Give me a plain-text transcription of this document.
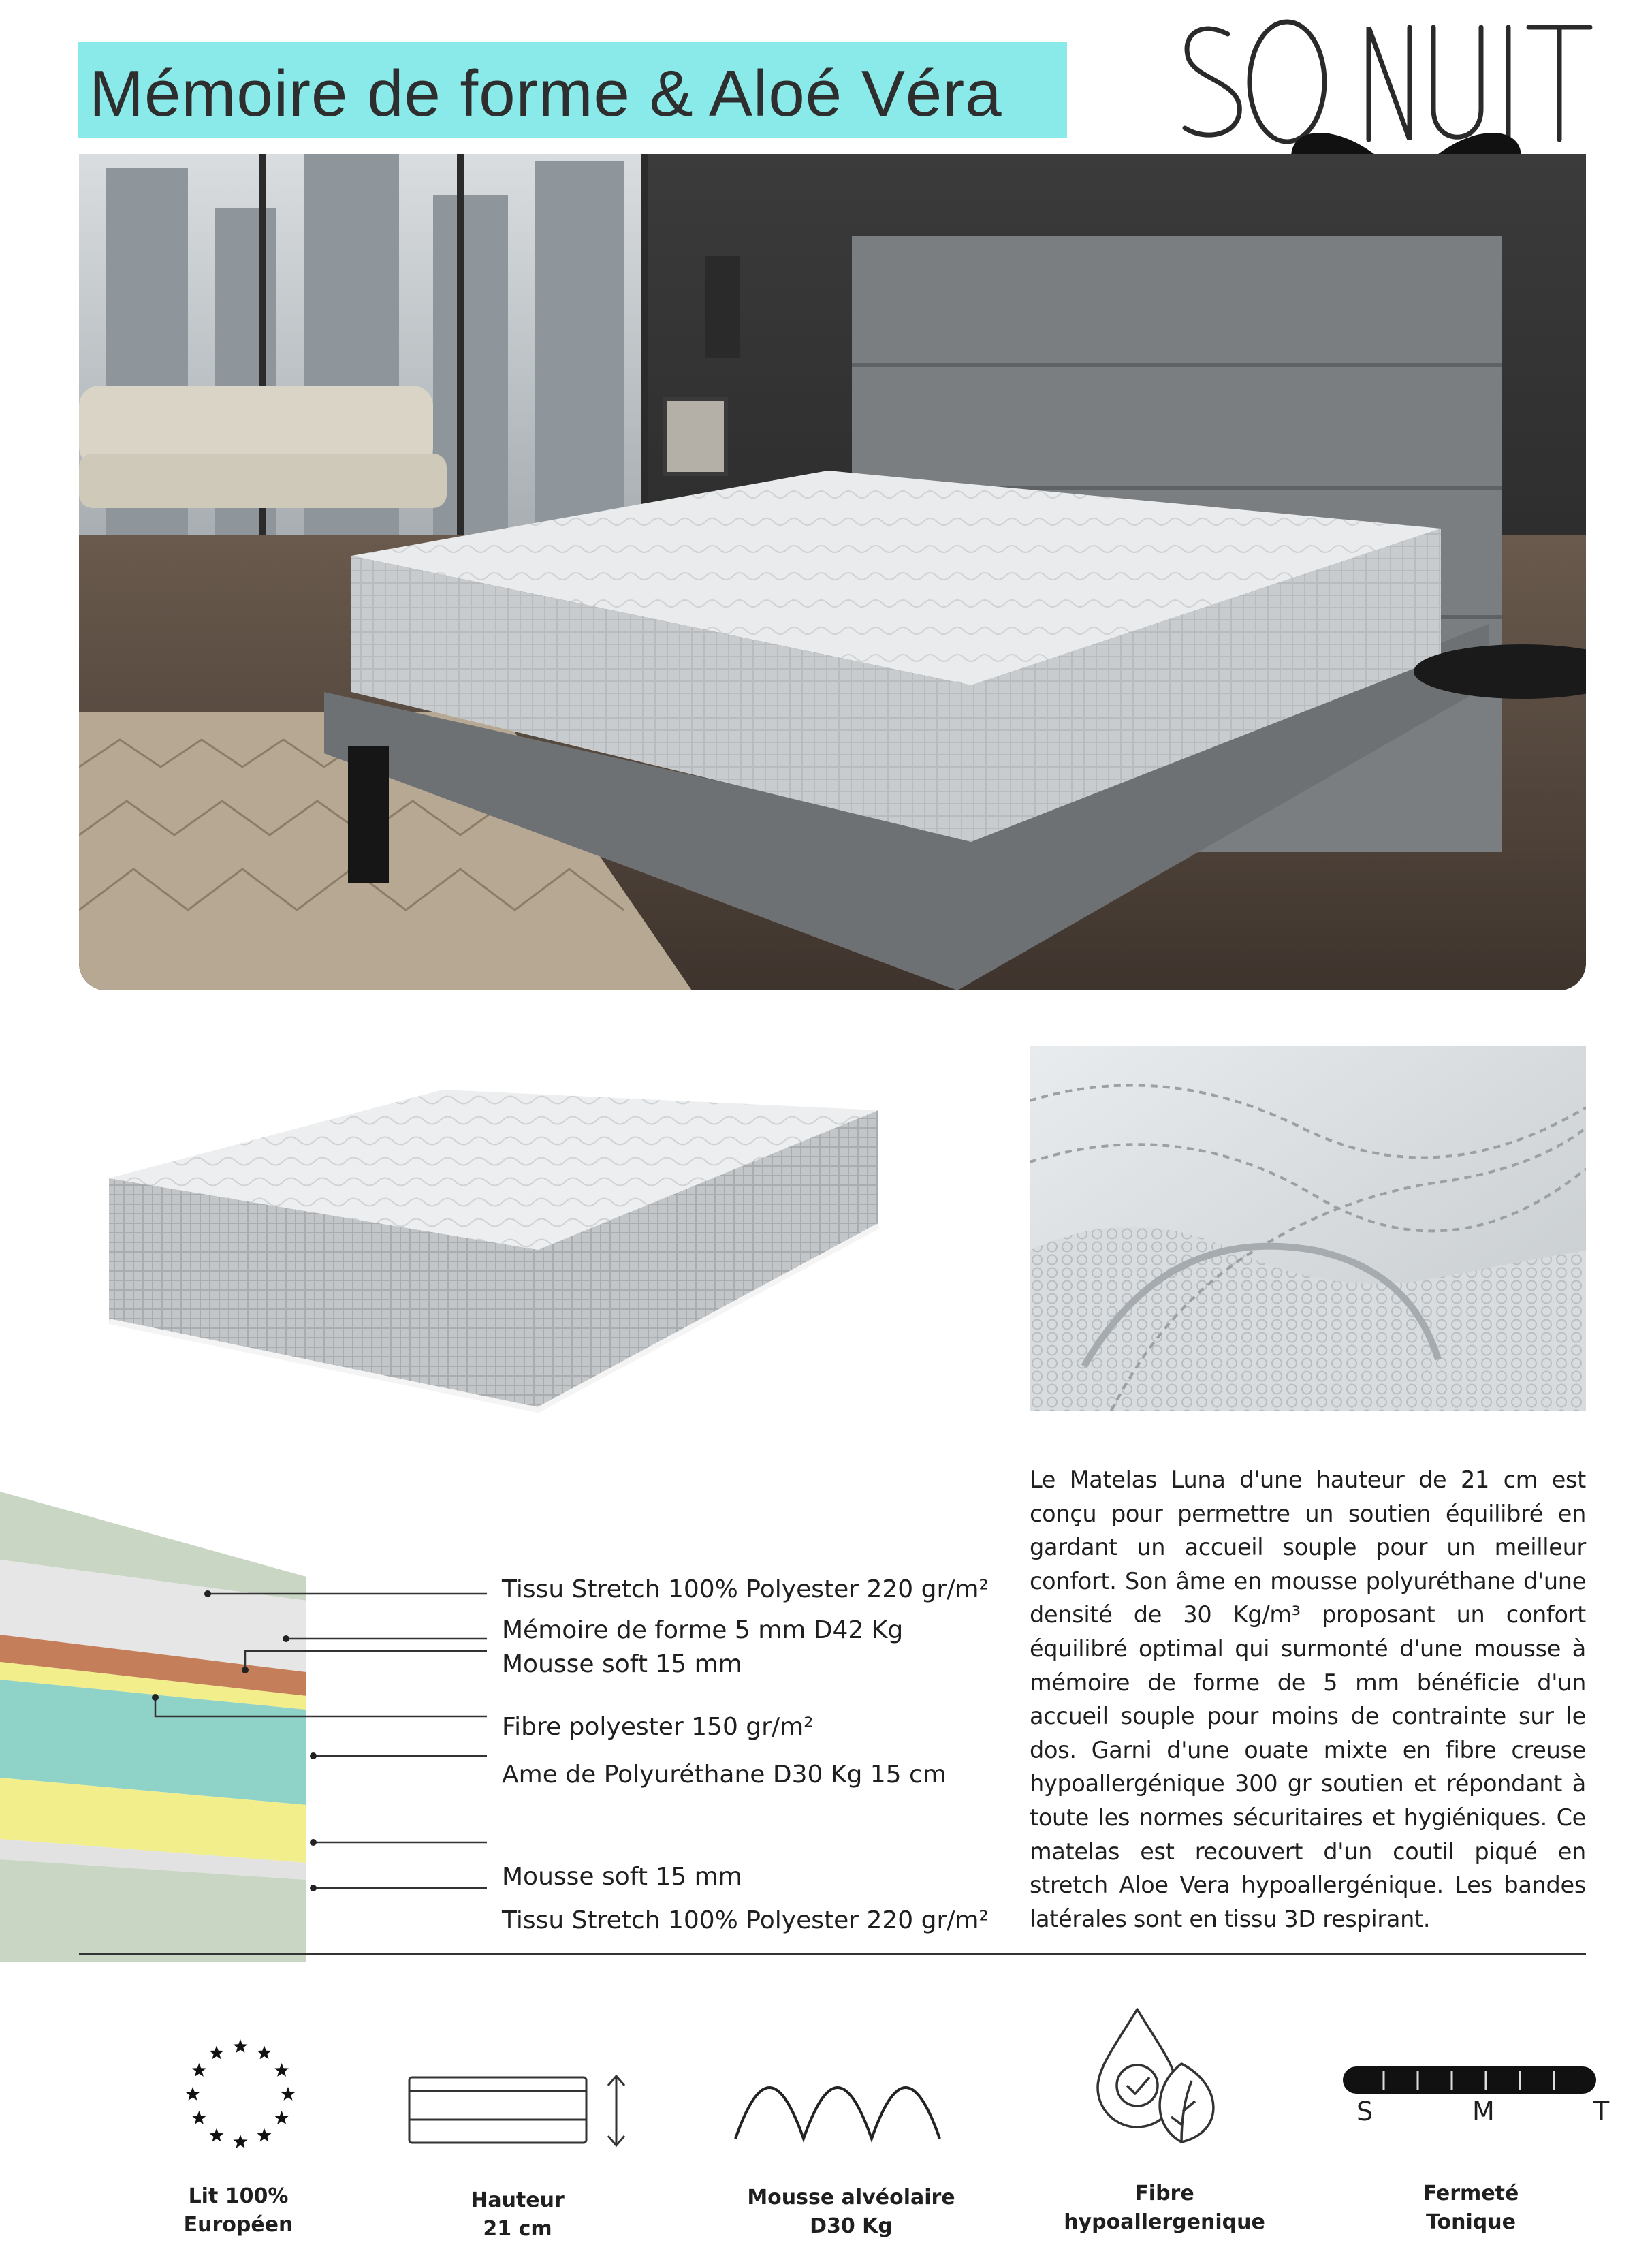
Mémoire de forme & Aloé Véra
Tissu Stretch 100% Polyester 220 gr/m²
Mémoire de forme 5 mm D42 Kg
Mousse soft 15 mm
Fibre polyester 150 gr/m²
Ame de Polyuréthane D30 Kg 15 cm
Mousse soft 15 mm
Tissu Stretch 100% Polyester 220 gr/m²
Le Matelas Luna d'une hauteur de 21 cm est conçu pour permettre un soutien équilibré en gardant un accueil souple pour un meilleur confort. Son âme en mousse polyuréthane d'une densité de 30 Kg/m³ proposant un confort équilibré optimal qui surmonté d'une mousse à mémoire de forme de 5 mm bénéficie d'un accueil souple pour moins de contrainte sur le dos. Garni d'une ouate mixte en fibre creuse hypoallergénique 300 gr soutien et répondant à toute les normes sécuritaires et hygiéniques. Ce matelas est recouvert d'un coutil piqué en stretch Aloe Vera hypoallergénique. Les bandes latérales sont en tissu 3D respirant.
S	M	T
Lit 100%
Européen
Hauteur
21 cm
Mousse alvéolaire
D30 Kg
Fibre
hypoallergenique
Fermeté
Tonique
